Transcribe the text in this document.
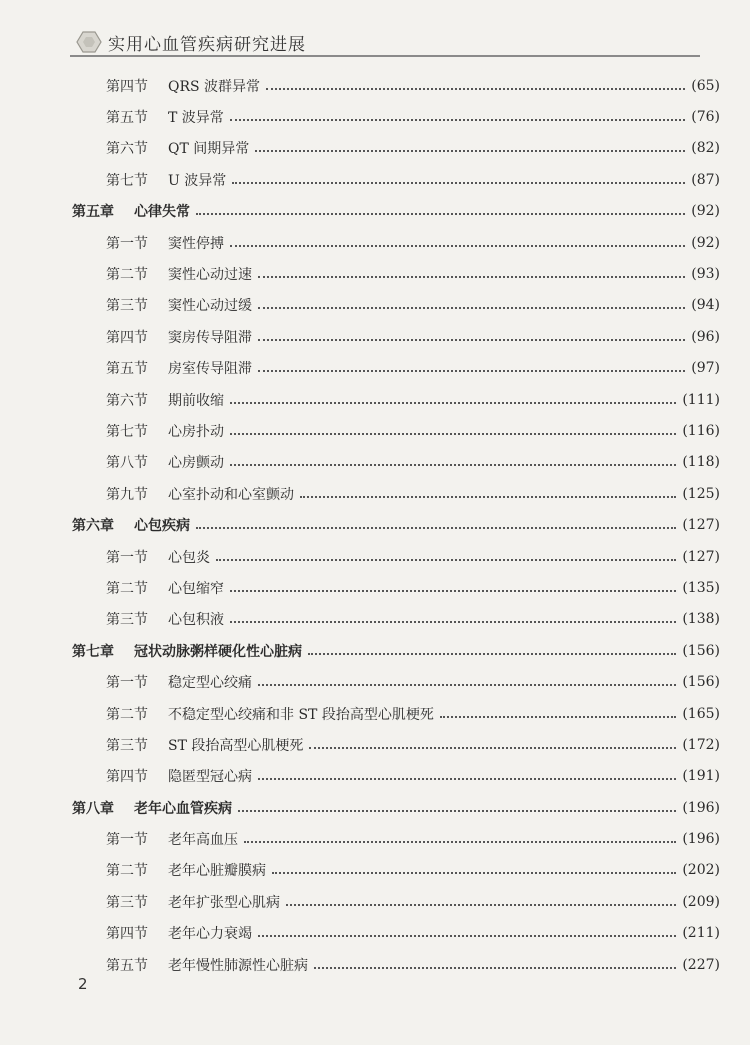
实用心血管疾病研究进展
第四节 QRS 波群异常	(65)
第五节 T 波异常	(76)
第六节 QT 间期异常	(82)
第七节 U 波异常	(87)
第五章 心律失常	(92)
第一节 窦性停搏	(92)
第二节 窦性心动过速	(93)
第三节 窦性心动过缓	(94)
第四节 窦房传导阻滞	(96)
第五节 房室传导阻滞	(97)
第六节 期前收缩	(111)
第七节 心房扑动	(116)
第八节 心房颤动	(118)
第九节 心室扑动和心室颤动	(125)
第六章 心包疾病	(127)
第一节 心包炎	(127)
第二节 心包缩窄	(135)
第三节 心包积液	(138)
第七章 冠状动脉粥样硬化性心脏病	(156)
第一节 稳定型心绞痛	(156)
第二节 不稳定型心绞痛和非 ST 段抬高型心肌梗死	(165)
第三节 ST 段抬高型心肌梗死	(172)
第四节 隐匿型冠心病	(191)
第八章 老年心血管疾病	(196)
第一节 老年高血压	(196)
第二节 老年心脏瓣膜病	(202)
第三节 老年扩张型心肌病	(209)
第四节 老年心力衰竭	(211)
第五节 老年慢性肺源性心脏病	(227)
2
